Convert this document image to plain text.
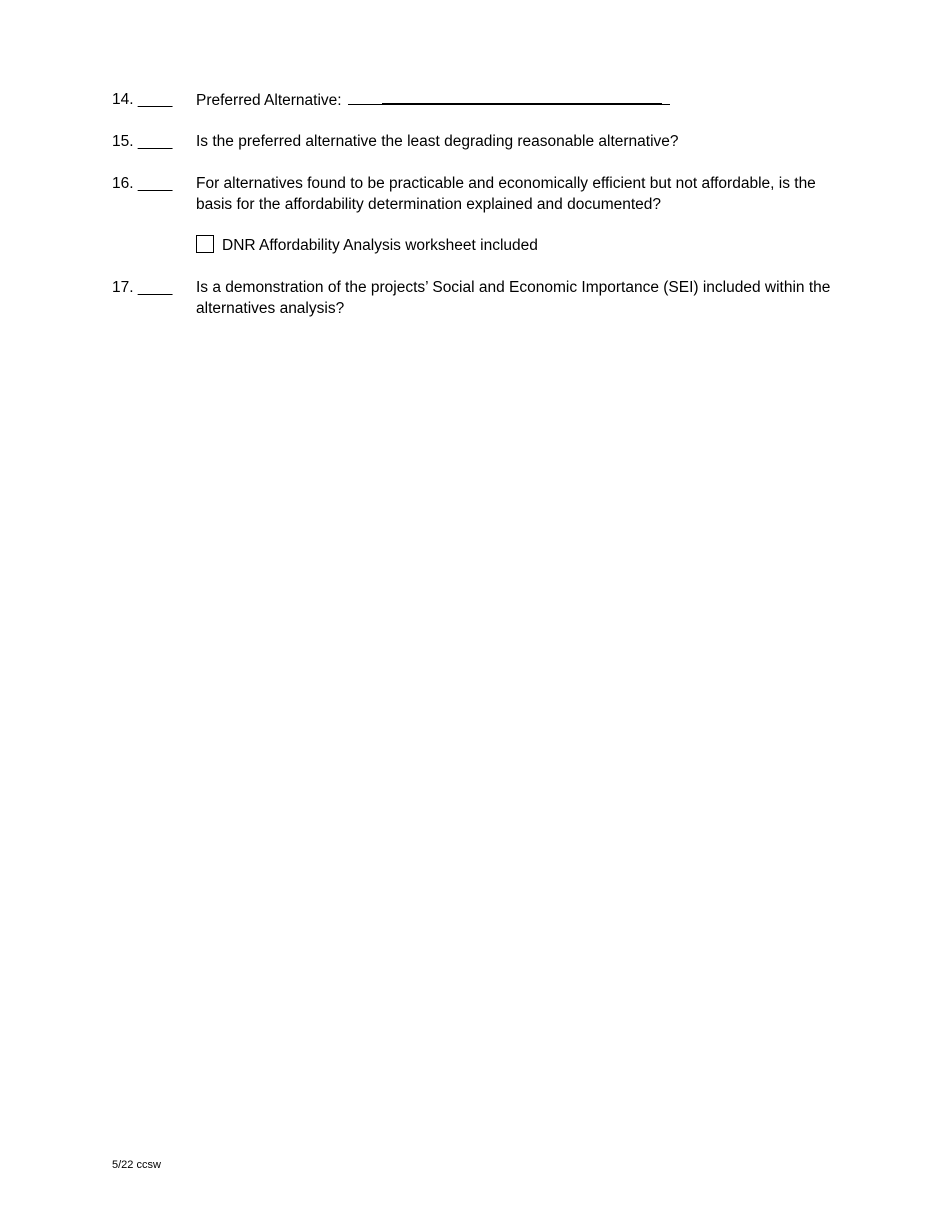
14. ____	Preferred Alternative:
15. ____	Is the preferred alternative the least degrading reasonable alternative?
16. ____	For alternatives found to be practicable and economically efficient but not affordable, is the basis for the affordability determination explained and documented?
DNR Affordability Analysis worksheet included
17. ____	Is a demonstration of the projects’ Social and Economic Importance (SEI) included within the alternatives analysis?
5/22 ccsw
